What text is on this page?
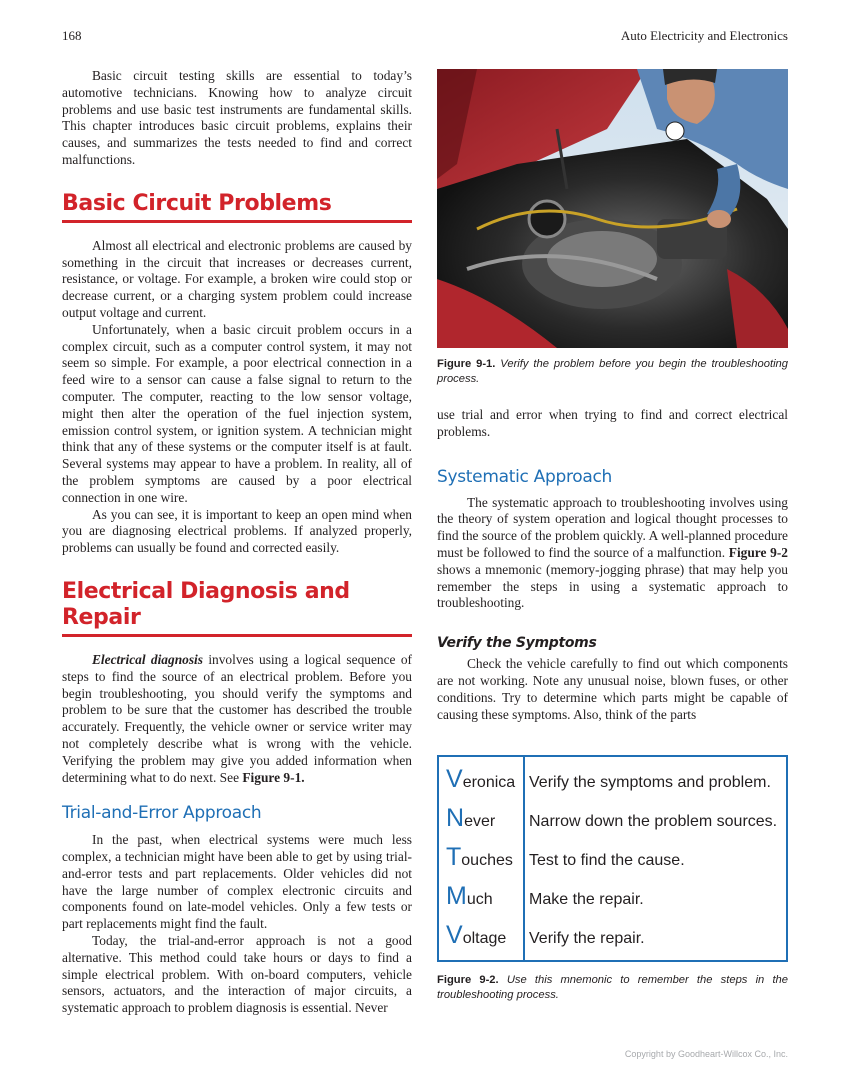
168	Auto Electricity and Electronics

Basic circuit testing skills are essential to today’s automotive technicians. Knowing how to analyze circuit problems and use basic test instruments are fundamental skills. This chapter introduces basic circuit problems, explains their causes, and summarizes the tests needed to find and correct malfunctions.

Basic Circuit Problems

Almost all electrical and electronic problems are caused by something in the circuit that increases or decreases current, resistance, or voltage. For example, a broken wire could stop or decrease current, or a charging system problem could increase output voltage and current.

Unfortunately, when a basic circuit problem occurs in a complex circuit, such as a computer control system, it may not seem so simple. For example, a poor electrical connection in a feed wire to a sensor can cause a false signal to return to the computer. The computer, reacting to the low sensor voltage, might then alter the operation of the fuel injection system, emission control system, or ignition system. A technician might think that any of these systems or the computer itself is at fault. Several systems may appear to have a problem. In reality, all of the problem symptoms are caused by a poor electrical connection in one wire.

As you can see, it is important to keep an open mind when you are diagnosing electrical problems. If analyzed properly, problems can usually be found and corrected easily.

Electrical Diagnosis and Repair

Electrical diagnosis involves using a logical sequence of steps to find the source of an electrical problem. Before you begin troubleshooting, you should verify the symptoms and problem to be sure that the customer has described the trouble accurately. Frequently, the vehicle owner or service writer may not completely describe what is wrong with the vehicle. Verifying the problem may give you added information when determining what to do next. See Figure 9-1.

Trial-and-Error Approach

In the past, when electrical systems were much less complex, a technician might have been able to get by using trial-and-error tests and part replacements. Older vehicles did not have the large number of complex electronic circuits and components found on late-model vehicles. Only a few tests or part replacements might find the fault.

Today, the trial-and-error approach is not a good alternative. This method could take hours or days to find a simple electrical problem. With on-board computers, vehicle sensors, actuators, and the interaction of major circuits, a systematic approach to problem diagnosis is essential. Never

Figure 9-1. Verify the problem before you begin the troubleshooting process.

use trial and error when trying to find and correct electrical problems.

Systematic Approach

The systematic approach to troubleshooting involves using the theory of system operation and logical thought processes to find the source of the problem quickly. A well-planned procedure must be followed to find the source of a malfunction. Figure 9-2 shows a mnemonic (memory-jogging phrase) that may help you remember the steps in using a systematic approach to troubleshooting.

Verify the Symptoms

Check the vehicle carefully to find out which components are not working. Note any unusual noise, blown fuses, or other conditions. Try to determine which parts might be capable of causing these symptoms. Also, think of the parts

Veronica Verify the symptoms and problem.
Never Narrow down the problem sources.
Touches Test to find the cause.
Much Make the repair.
Voltage Verify the repair.
Figure 9-2. Use this mnemonic to remember the steps in the troubleshooting process.
Copyright by Goodheart-Willcox Co., Inc.
